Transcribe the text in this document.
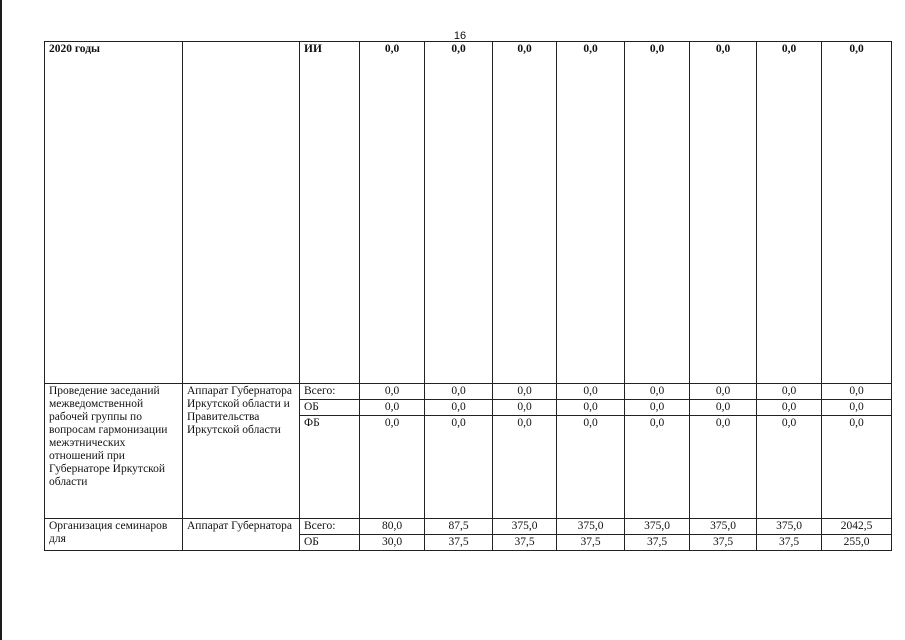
16
2020 годы		ИИ	0,0	0,0	0,0	0,0	0,0	0,0	0,0	0,0
Проведение заседаний межведомственной рабочей группы по вопросам гармонизации межэтнических отношений при Губернаторе Иркутской области	Аппарат Губернатора Иркутской области и Правительства Иркутской области	Всего:	0,0	0,0	0,0	0,0	0,0	0,0	0,0	0,0
		ОБ	0,0	0,0	0,0	0,0	0,0	0,0	0,0	0,0
		ФБ	0,0	0,0	0,0	0,0	0,0	0,0	0,0	0,0
Организация семинаров для	Аппарат Губернатора	Всего:	80,0	87,5	375,0	375,0	375,0	375,0	375,0	2042,5
		ОБ	30,0	37,5	37,5	37,5	37,5	37,5	37,5	255,0
